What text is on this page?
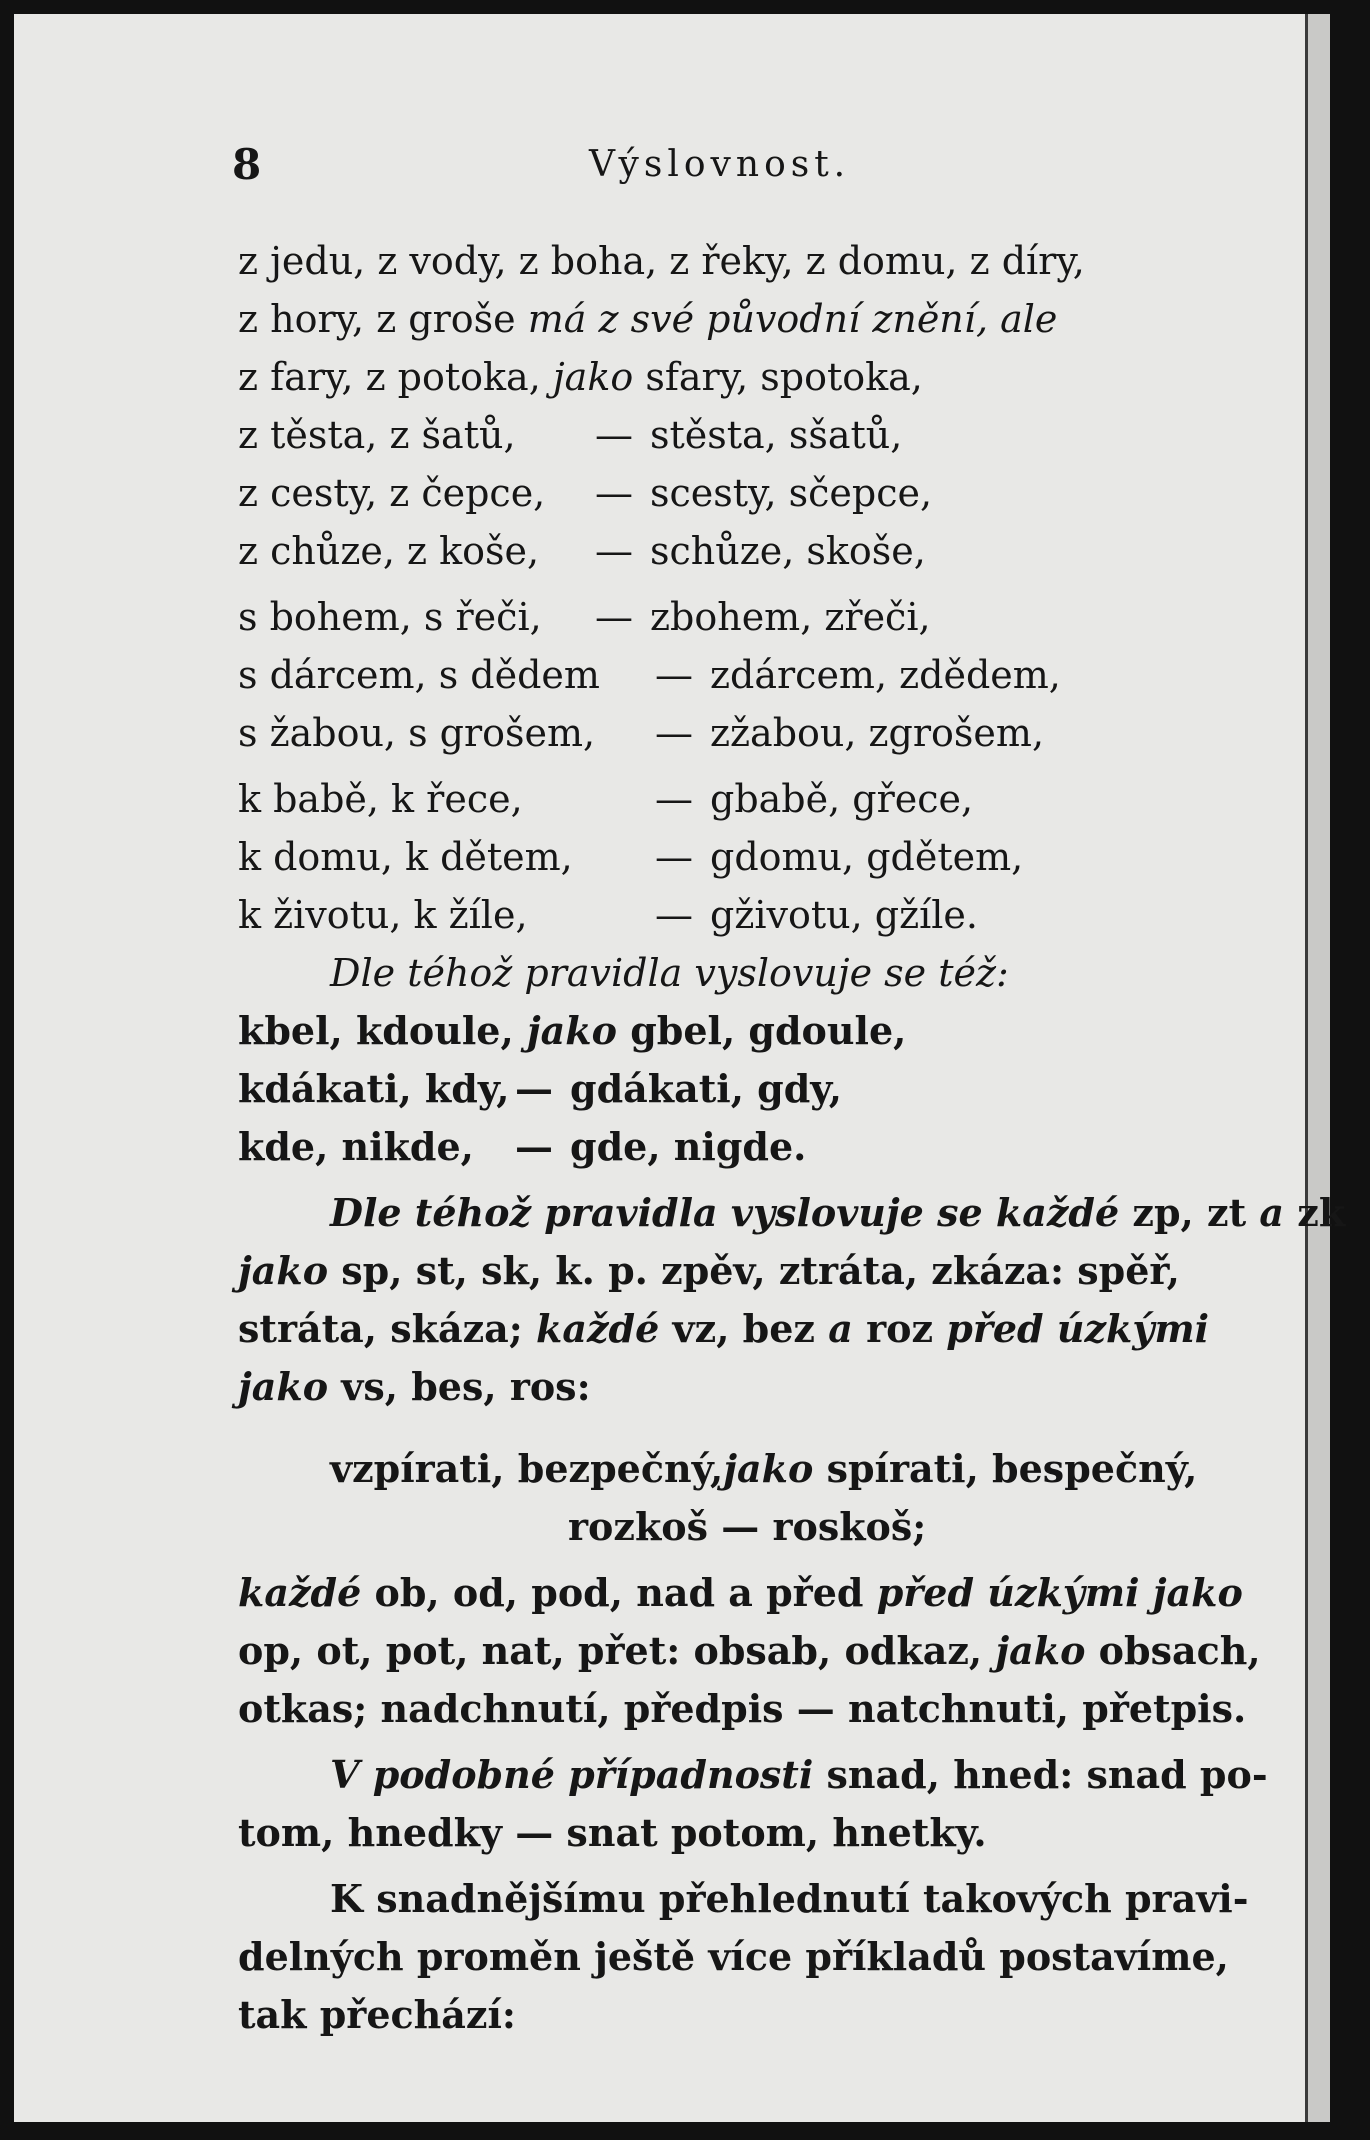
8	Výslovnost.
z jedu, z vody, z boha, z řeky, z domu, z díry,
z hory, z groše má z své původní znění, ale
z fary, z potoka, jako sfary, spotoka,
z těsta, z šatů, — stěsta, sšatů,
z cesty, z čepce, — scesty, sčepce,
z chůze, z koše, — schůze, skoše,
s bohem, s řeči, — zbohem, zřeči,
s dárcem, s dědem — zdárcem, zdědem,
s žabou, s grošem, — zžabou, zgrošem,
k babě, k řece,	— gbabě, gřece,
k domu, k dětem, — gdomu, gdětem,
k životu, k žíle,	— gživotu, gžíle.
Dle téhož pravidla vyslovuje se též:
kbel, kdoule, jako gbel, gdoule,
kdákati, kdy, — gdákati, gdy,
kde, nikde, — gde, nigde.
Dle téhož pravidla vyslovuje se každé zp, zt a zk
jako sp, st, sk, k. p. zpěv, ztráta, zkáza: spěř,
stráta, skáza; každé vz, bez a roz před úzkými
jako vs, bes, ros:
vzpírati, bezpečný,jako spírati, bespečný,
rozkoš — roskoš;
každé ob, od, pod, nad a před před úzkými jako
op, ot, pot, nat, přet: obsab, odkaz, jako obsach,
otkas; nadchnutí, předpis — natchnuti, přetpis.
V podobné případnosti snad, hned: snad po-
tom, hnedky — snat potom, hnetky.
K snadnějšímu přehlednutí takových pravi-
delných proměn ještě více příkladů postavíme,
tak přechází:
